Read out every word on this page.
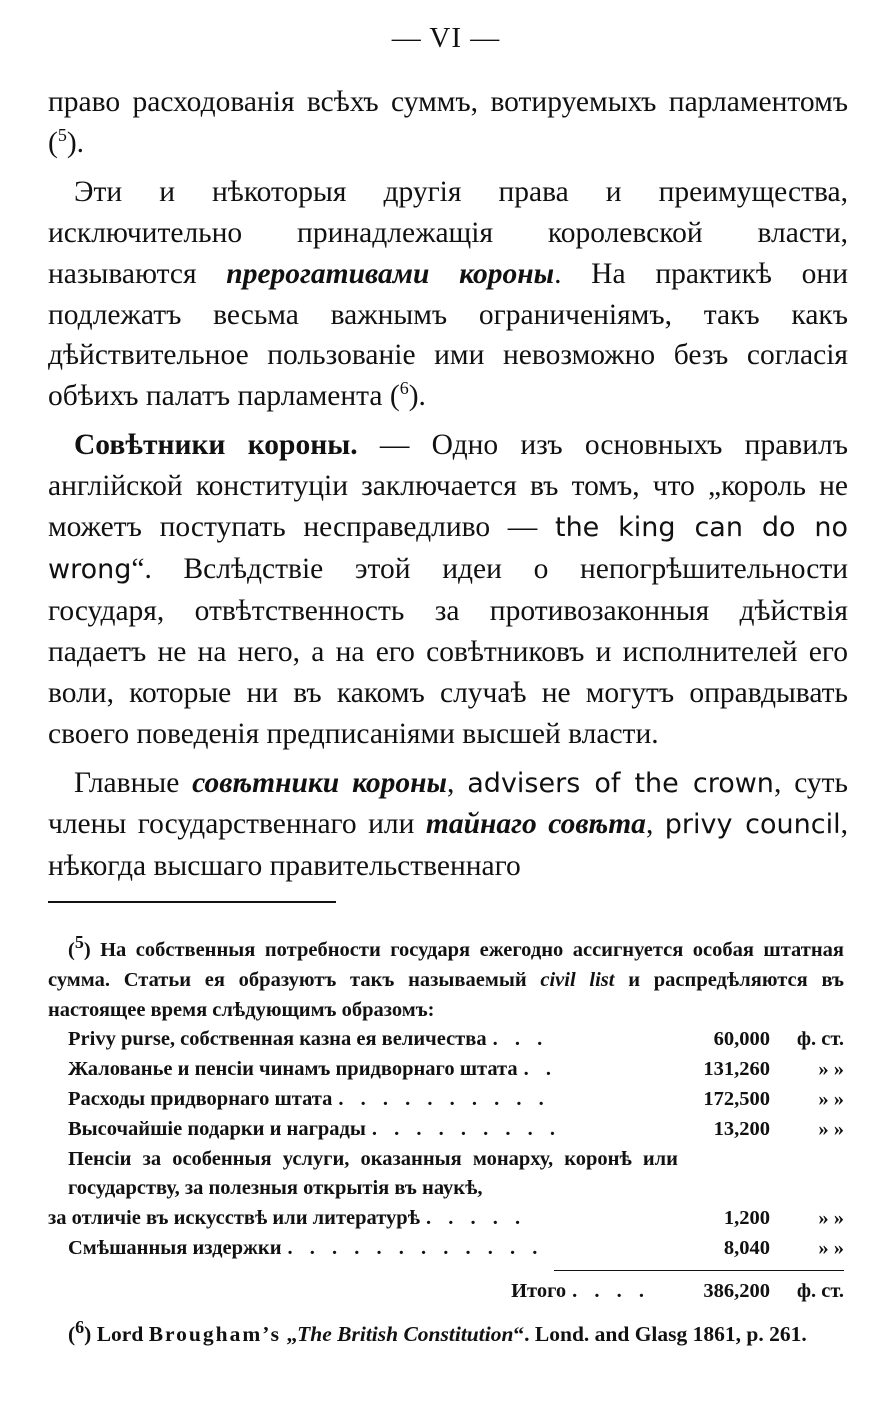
— VI —

право расходованія всѣхъ суммъ, вотируемыхъ парламентомъ ($^5$).

Эти и нѣкоторыя другія права и преимущества, исключительно принадлежащія королевской власти, называются прерогативами короны. На практикѣ они подлежатъ весьма важнымъ ограниченіямъ, такъ какъ дѣйствительное пользованіе ими невозможно безъ согласія обѣихъ палатъ парламента ($^6$).

Совѣтники короны. — Одно изъ основныхъ правилъ англійской конституціи заключается въ томъ, что „король не можетъ поступать несправедливо — the king can do no wrong“. Вслѣдствіе этой идеи о непогрѣшительности государя, отвѣтственность за противозаконныя дѣйствія падаетъ не на него, а на его совѣтниковъ и исполнителей его воли, которые ни въ какомъ случаѣ не могутъ оправдывать своего поведенія предписаніями высшей власти.

Главные совѣтники короны, advisers of the crown, суть члены государственнаго или тайнаго совѣта, privy council, нѣкогда высшаго правительственнаго

(5) На собственныя потребности государя ежегодно ассигнуется особая штатная сумма. Статьи ея образуютъ такъ называемый civil list и распредѣляются въ настоящее время слѣдующимъ образомъ:

Privy purse, собственная казна ея величества . . .	60,000	ф. ст.
Жалованье и пенсіи чинамъ придворнаго штата . .	131,260	» »
Расходы придворнаго штата . . . . . . . . . .	172,500	» »
Высочайшіе подарки и награды . . . . . . . . .	13,200	» »
Пенсіи за особенныя услуги, оказанныя монарху, коронѣ или государству, за полезныя открытія въ наукѣ,
за отличіе въ искусствѣ или литературѣ . . . . .	1,200	» »
Смѣшанныя издержки . . . . . . . . . . . .	8,040	» »
Итого . . . .	386,200	ф. ст.

($^6$) Lord Brougham’s „The British Constitution“. Lond. and Glasg 1861, p. 261.
